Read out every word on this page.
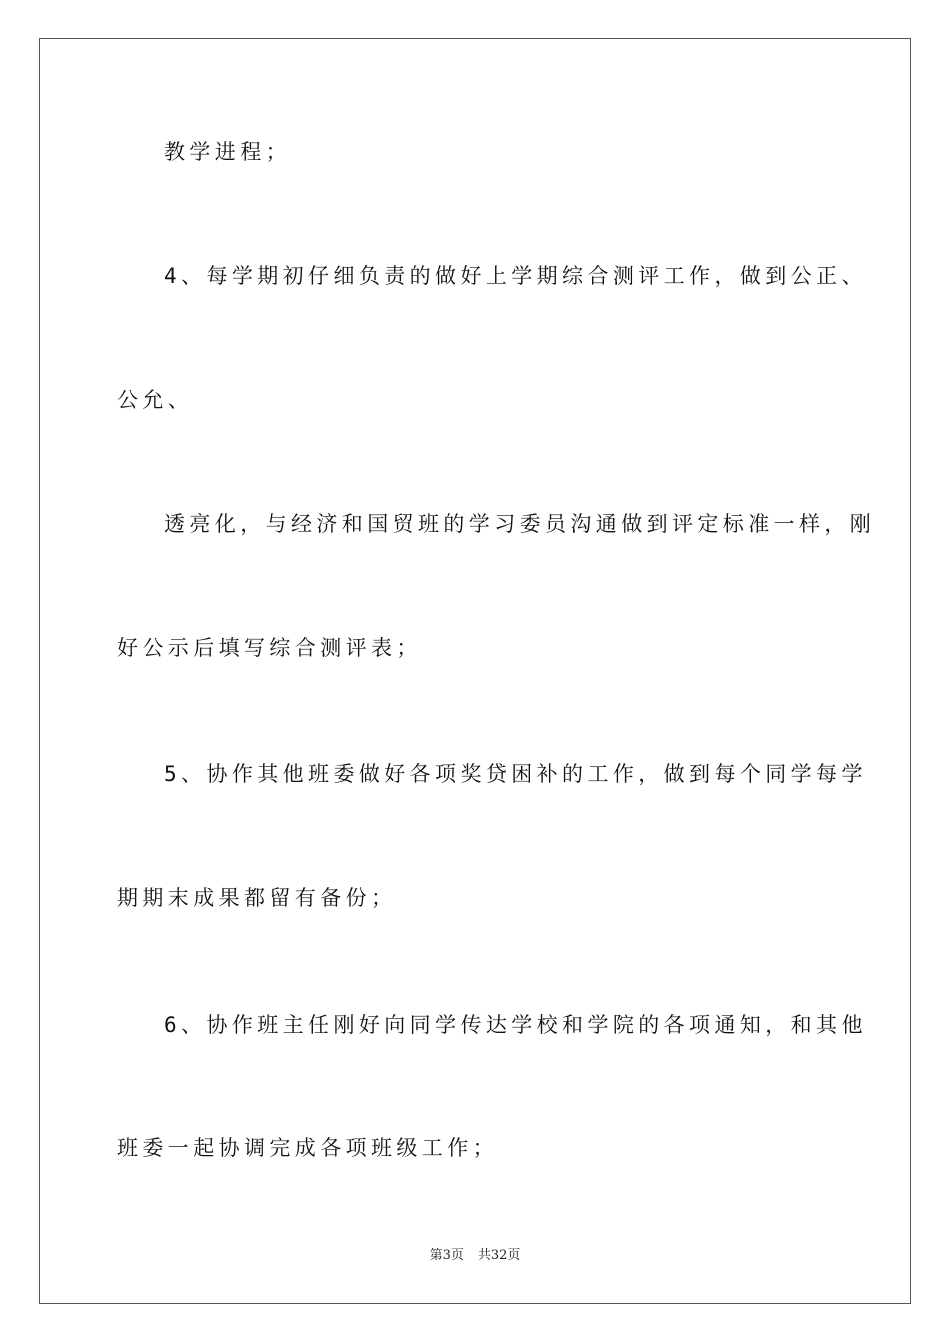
教学进程；
4、每学期初仔细负责的做好上学期综合测评工作，做到公正、
公允、
透亮化，与经济和国贸班的学习委员沟通做到评定标准一样，刚
好公示后填写综合测评表；
5、协作其他班委做好各项奖贷困补的工作，做到每个同学每学
期期末成果都留有备份；
6、协作班主任刚好向同学传达学校和学院的各项通知，和其他
班委一起协调完成各项班级工作；
第3页 共32页
